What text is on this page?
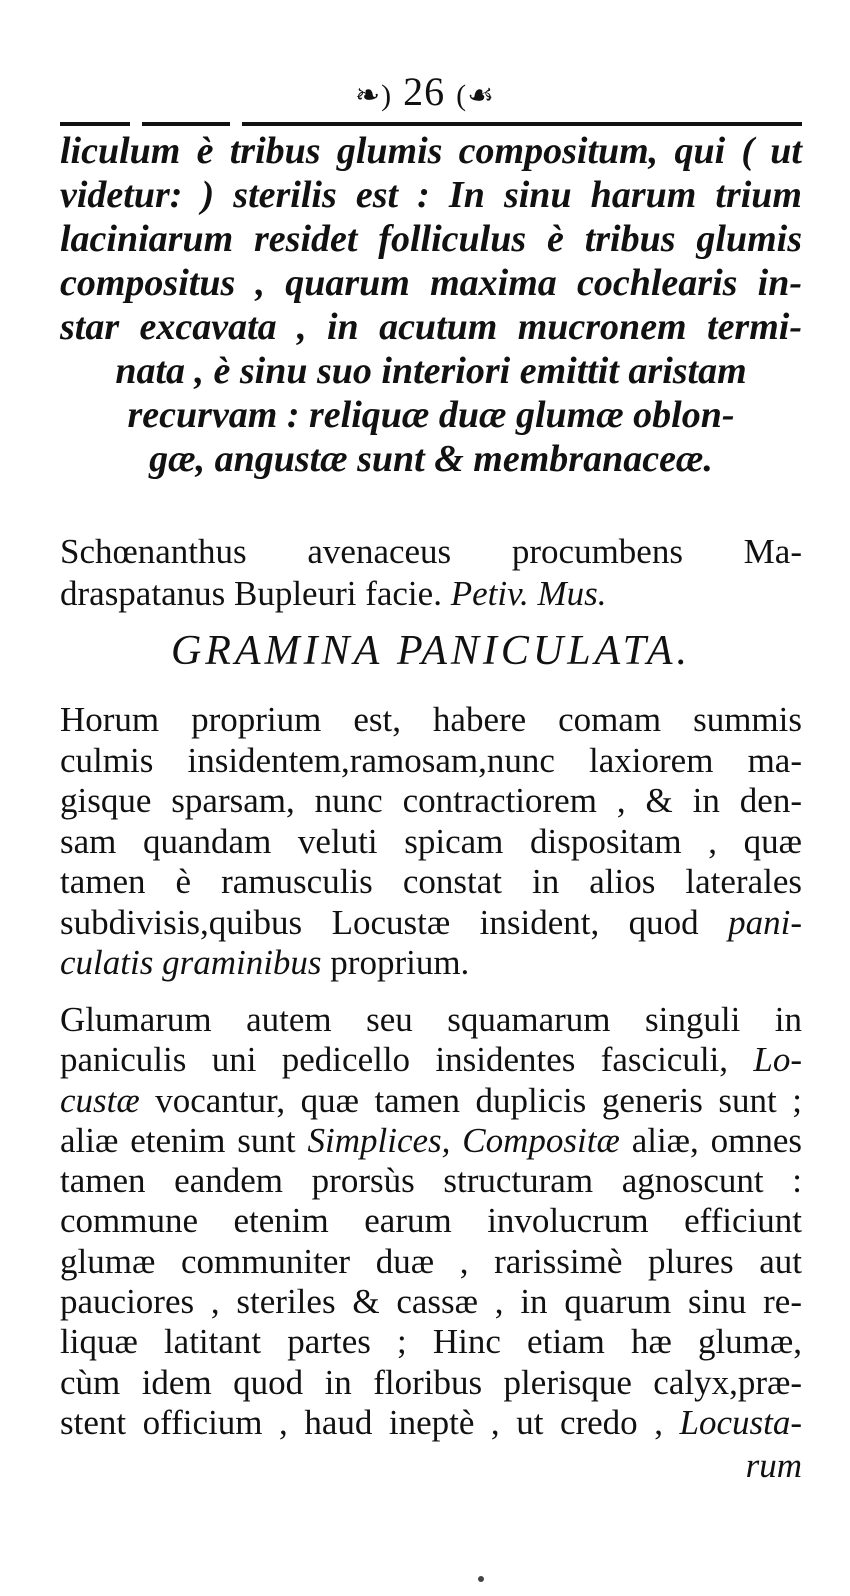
❧) 26 (☙
liculum è tribus glumis compositum, qui ( ut
videtur: ) sterilis est : In sinu harum trium
laciniarum residet folliculus è tribus glumis
compositus , quarum maxima cochlearis in-
star excavata , in acutum mucronem termi-
nata , è sinu suo interiori emittit aristam
recurvam : reliquæ duæ glumæ oblon-
gæ, angustæ sunt & membranaceæ.
Schœnanthus avenaceus procumbens Ma-
draspatanus Bupleuri facie. Petiv. Mus.
GRAMINA PANICULATA.
Horum proprium est, habere comam summis
culmis insidentem,ramosam,nunc laxiorem ma-
gisque sparsam, nunc contractiorem , & in den-
sam quandam veluti spicam dispositam , quæ
tamen è ramusculis constat in alios laterales
subdivisis,quibus Locustæ insident, quod pani-
culatis graminibus proprium.
Glumarum autem seu squamarum singuli in
paniculis uni pedicello insidentes fasciculi, Lo-
custæ vocantur, quæ tamen duplicis generis sunt ;
aliæ etenim sunt Simplices, Compositæ aliæ, omnes
tamen eandem prorsùs structuram agnoscunt :
commune etenim earum involucrum efficiunt
glumæ communiter duæ , rarissimè plures aut
pauciores , steriles & cassæ , in quarum sinu re-
liquæ latitant partes ; Hinc etiam hæ glumæ,
cùm idem quod in floribus plerisque calyx,præ-
stent officium , haud ineptè , ut credo , Locusta-
rum
